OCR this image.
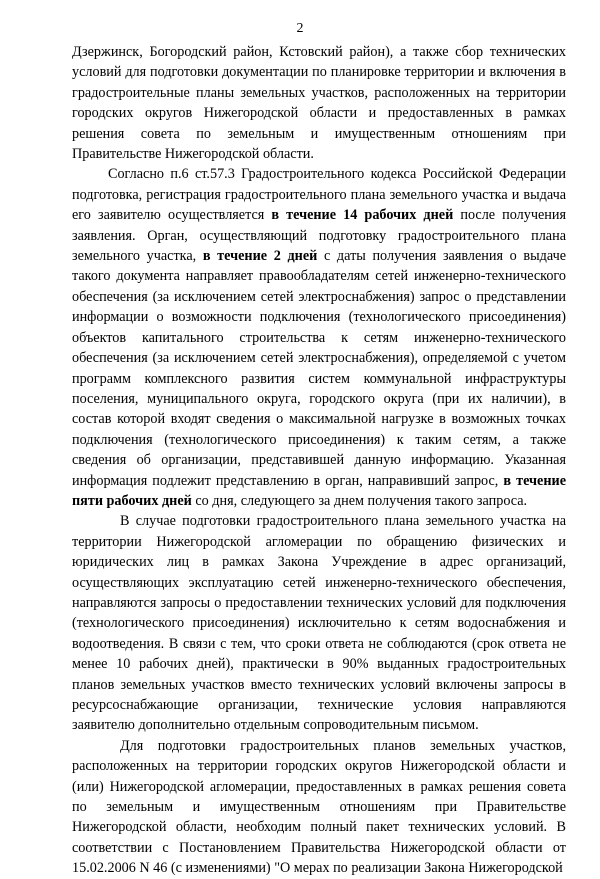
2

Дзержинск, Богородский район, Кстовский район), а также сбор технических условий для подготовки документации по планировке территории и включения в градостроительные планы земельных участков, расположенных на территории городских округов Нижегородской области и предоставленных в рамках решения совета по земельным и имущественным отношениям при Правительстве Нижегородской области.

Согласно п.6 ст.57.3 Градостроительного кодекса Российской Федерации подготовка, регистрация градостроительного плана земельного участка и выдача его заявителю осуществляется в течение 14 рабочих дней после получения заявления. Орган, осуществляющий подготовку градостроительного плана земельного участка, в течение 2 дней с даты получения заявления о выдаче такого документа направляет правообладателям сетей инженерно-технического обеспечения (за исключением сетей электроснабжения) запрос о представлении информации о возможности подключения (технологического присоединения) объектов капитального строительства к сетям инженерно-технического обеспечения (за исключением сетей электроснабжения), определяемой с учетом программ комплексного развития систем коммунальной инфраструктуры поселения, муниципального округа, городского округа (при их наличии), в состав которой входят сведения о максимальной нагрузке в возможных точках подключения (технологического присоединения) к таким сетям, а также сведения об организации, представившей данную информацию. Указанная информация подлежит представлению в орган, направивший запрос, в течение пяти рабочих дней со дня, следующего за днем получения такого запроса.

В случае подготовки градостроительного плана земельного участка на территории Нижегородской агломерации по обращению физических и юридических лиц в рамках Закона Учреждение в адрес организаций, осуществляющих эксплуатацию сетей инженерно-технического обеспечения, направляются запросы о предоставлении технических условий для подключения (технологического присоединения) исключительно к сетям водоснабжения и водоотведения. В связи с тем, что сроки ответа не соблюдаются (срок ответа не менее 10 рабочих дней), практически в 90% выданных градостроительных планов земельных участков вместо технических условий включены запросы в ресурсоснабжающие организации, технические условия направляются заявителю дополнительно отдельным сопроводительным письмом.

Для подготовки градостроительных планов земельных участков, расположенных на территории городских округов Нижегородской области и (или) Нижегородской агломерации, предоставленных в рамках решения совета по земельным и имущественным отношениям при Правительстве Нижегородской области, необходим полный пакет технических условий. В соответствии с Постановлением Правительства Нижегородской области от 15.02.2006 N 46 (с изменениями) "О мерах по реализации Закона Нижегородской
